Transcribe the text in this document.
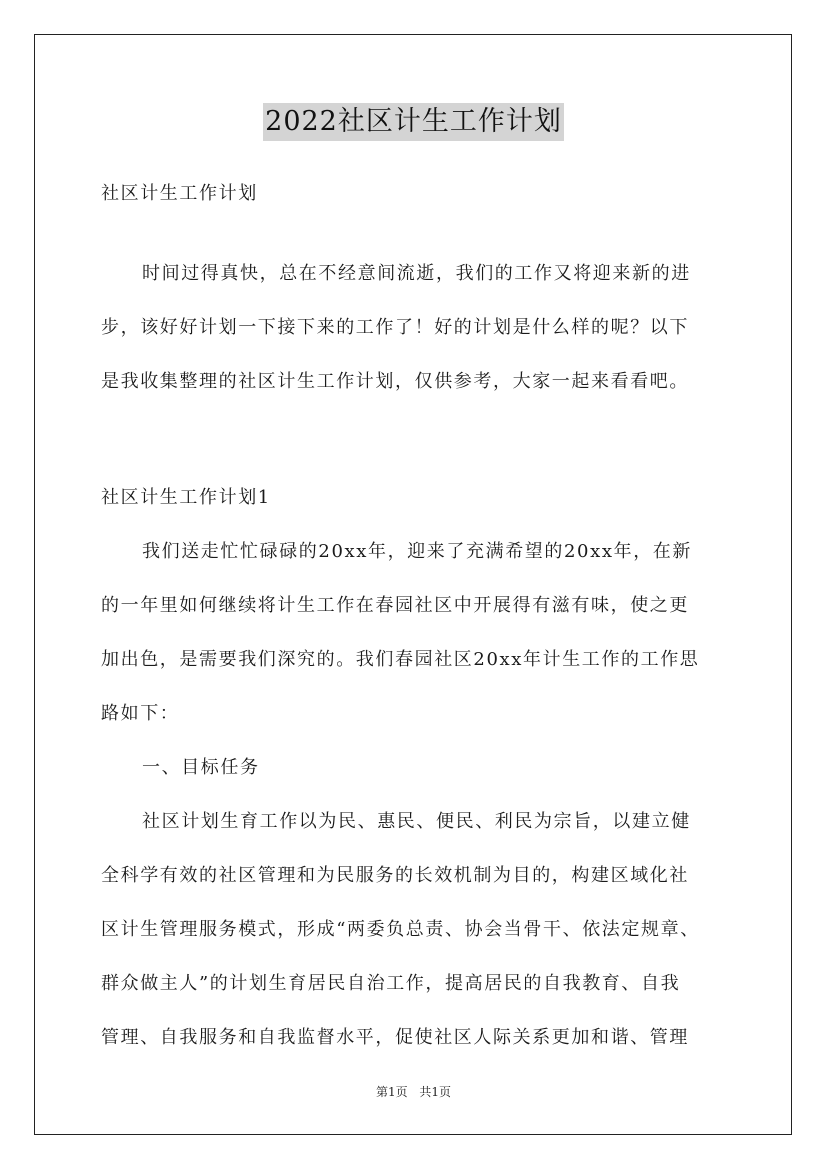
2022社区计生工作计划

社区计生工作计划

时间过得真快，总在不经意间流逝，我们的工作又将迎来新的进

步，该好好计划一下接下来的工作了！好的计划是什么样的呢？以下

是我收集整理的社区计生工作计划，仅供参考，大家一起来看看吧。

社区计生工作计划1

我们送走忙忙碌碌的20xx年，迎来了充满希望的20xx年，在新

的一年里如何继续将计生工作在春园社区中开展得有滋有味，使之更

加出色，是需要我们深究的。我们春园社区20xx年计生工作的工作思

路如下：

一、目标任务

社区计划生育工作以为民、惠民、便民、利民为宗旨，以建立健

全科学有效的社区管理和为民服务的长效机制为目的，构建区域化社

区计生管理服务模式，形成“两委负总责、协会当骨干、依法定规章、

群众做主人”的计划生育居民自治工作，提高居民的自我教育、自我

管理、自我服务和自我监督水平，促使社区人际关系更加和谐、管理

第1页 共1页
